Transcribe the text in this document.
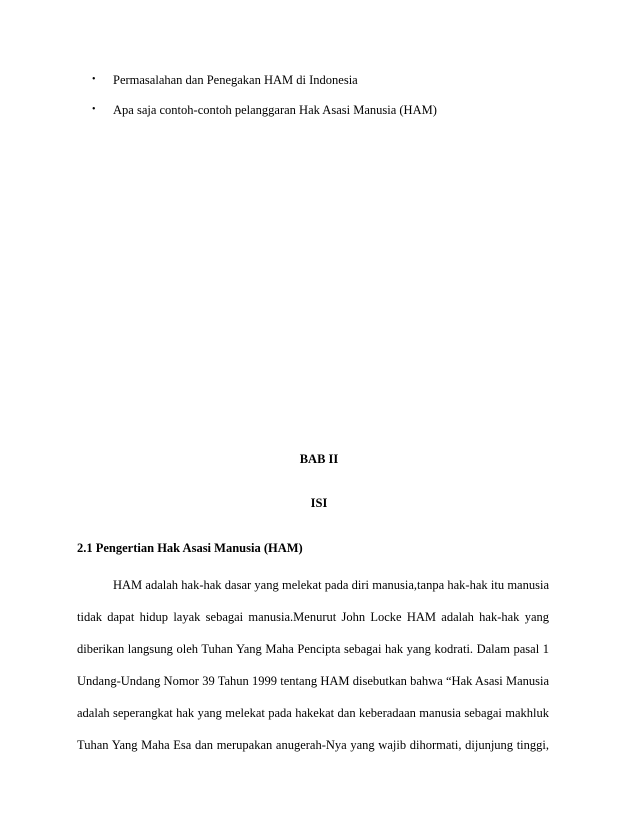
• Permasalahan dan Penegakan HAM di Indonesia
• Apa saja contoh-contoh pelanggaran Hak Asasi Manusia (HAM)
BAB II
ISI
2.1 Pengertian Hak Asasi Manusia (HAM)
HAM adalah hak-hak dasar yang melekat pada diri manusia,tanpa hak-hak itu manusia
tidak dapat hidup layak sebagai manusia.Menurut John Locke HAM adalah hak-hak yang
diberikan langsung oleh Tuhan Yang Maha Pencipta sebagai hak yang kodrati. Dalam pasal 1
Undang-Undang Nomor 39 Tahun 1999 tentang HAM disebutkan bahwa “Hak Asasi Manusia
adalah seperangkat hak yang melekat pada hakekat dan keberadaan manusia sebagai makhluk
Tuhan Yang Maha Esa dan merupakan anugerah-Nya yang wajib dihormati, dijunjung tinggi,
